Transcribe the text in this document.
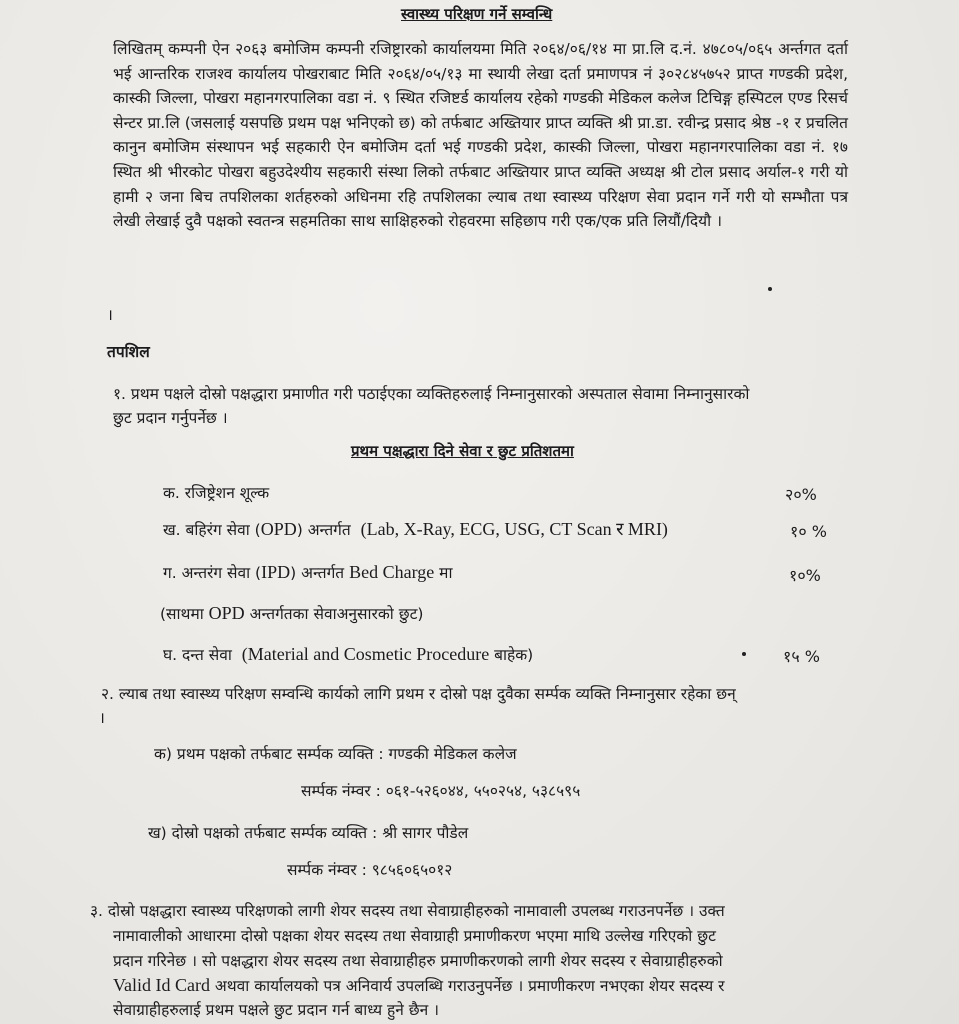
स्वास्थ्य परिक्षण गर्ने सम्वन्धि
लिखितम् कम्पनी ऐन २०६३ बमोजिम कम्पनी रजिष्ट्रारको कार्यालयमा मिति २०६४/०६/१४ मा प्रा.लि द.नं. ४७८०५/०६५ अर्न्तगत दर्ता भई आन्तरिक राजश्व कार्यालय पोखराबाट मिति २०६४/०५/१३ मा स्थायी लेखा दर्ता प्रमाणपत्र नं ३०२८४५७५२ प्राप्त गण्डकी प्रदेश, कास्की जिल्ला, पोखरा महानगरपालिका वडा नं. ९ स्थित रजिष्टर्ड कार्यालय रहेको गण्डकी मेडिकल कलेज टिचिङ्ग हस्पिटल एण्ड रिसर्च सेन्टर प्रा.लि (जसलाई यसपछि प्रथम पक्ष भनिएको छ) को तर्फबाट अख्तियार प्राप्त व्यक्ति श्री प्रा.डा. रवीन्द्र प्रसाद श्रेष्ठ -१ र प्रचलित कानुन बमोजिम संस्थापन भई सहकारी ऐन बमोजिम दर्ता भई गण्डकी प्रदेश, कास्की जिल्ला, पोखरा महानगरपालिका वडा नं. १७ स्थित श्री भीरकोट पोखरा बहुउदेश्यीय सहकारी संस्था लिको तर्फबाट अख्तियार प्राप्त व्यक्ति अध्यक्ष श्री टोल प्रसाद अर्याल-१ गरी यो हामी २ जना बिच तपशिलका शर्तहरुको अधिनमा रहि तपशिलका ल्याब तथा स्वास्थ्य परिक्षण सेवा प्रदान गर्ने गरी यो सम्भौता पत्र लेखी लेखाई दुवै पक्षको स्वतन्त्र सहमतिका साथ साक्षिहरुको रोहवरमा सहिछाप गरी एक/एक प्रति लियौं/दियौ ।
।
तपशिल
१. प्रथम पक्षले दोस्रो पक्षद्धारा प्रमाणीत गरी पठाईएका व्यक्तिहरुलाई निम्नानुसारको अस्पताल सेवामा निम्नानुसारको
छुट प्रदान गर्नुपर्नेछ ।
प्रथम पक्षद्धारा दिने सेवा र छुट प्रतिशतमा
क. रजिष्ट्रेशन शूल्क	२०%
ख. बहिरंग सेवा (OPD) अन्तर्गत (Lab, X-Ray, ECG, USG, CT Scan र MRI)	१० %
ग. अन्तरंग सेवा (IPD) अन्तर्गत Bed Charge मा	१०%
(साथमा OPD अन्तर्गतका सेवाअनुसारको छुट)
घ. दन्त सेवा (Material and Cosmetic Procedure बाहेक)	१५ %
२. ल्याब तथा स्वास्थ्य परिक्षण सम्वन्धि कार्यको लागि प्रथम र दोस्रो पक्ष दुवैका सर्म्पक व्यक्ति निम्नानुसार रहेका छन्
।
क) प्रथम पक्षको तर्फबाट सर्म्पक व्यक्ति : गण्डकी मेडिकल कलेज
सर्म्पक नंम्वर : ०६१-५२६०४४, ५५०२५४, ५३८५९५
ख) दोस्रो पक्षको तर्फबाट सर्म्पक व्यक्ति : श्री सागर पौडेल
सर्म्पक नंम्वर : ९८५६०६५०१२
३. दोस्रो पक्षद्धारा स्वास्थ्य परिक्षणको लागी शेयर सदस्य तथा सेवाग्राहीहरुको नामावाली उपलब्ध गराउनपर्नेछ । उक्त
नामावालीको आधारमा दोस्रो पक्षका शेयर सदस्य तथा सेवाग्राही प्रमाणीकरण भएमा माथि उल्लेख गरिएको छुट
प्रदान गरिनेछ । सो पक्षद्धारा शेयर सदस्य तथा सेवाग्राहीहरु प्रमाणीकरणको लागी शेयर सदस्य र सेवाग्राहीहरुको
Valid Id Card अथवा कार्यालयको पत्र अनिवार्य उपलब्धि गराउनुपर्नेछ । प्रमाणीकरण नभएका शेयर सदस्य र
सेवाग्राहीहरुलाई प्रथम पक्षले छुट प्रदान गर्न बाध्य हुने छैन ।
